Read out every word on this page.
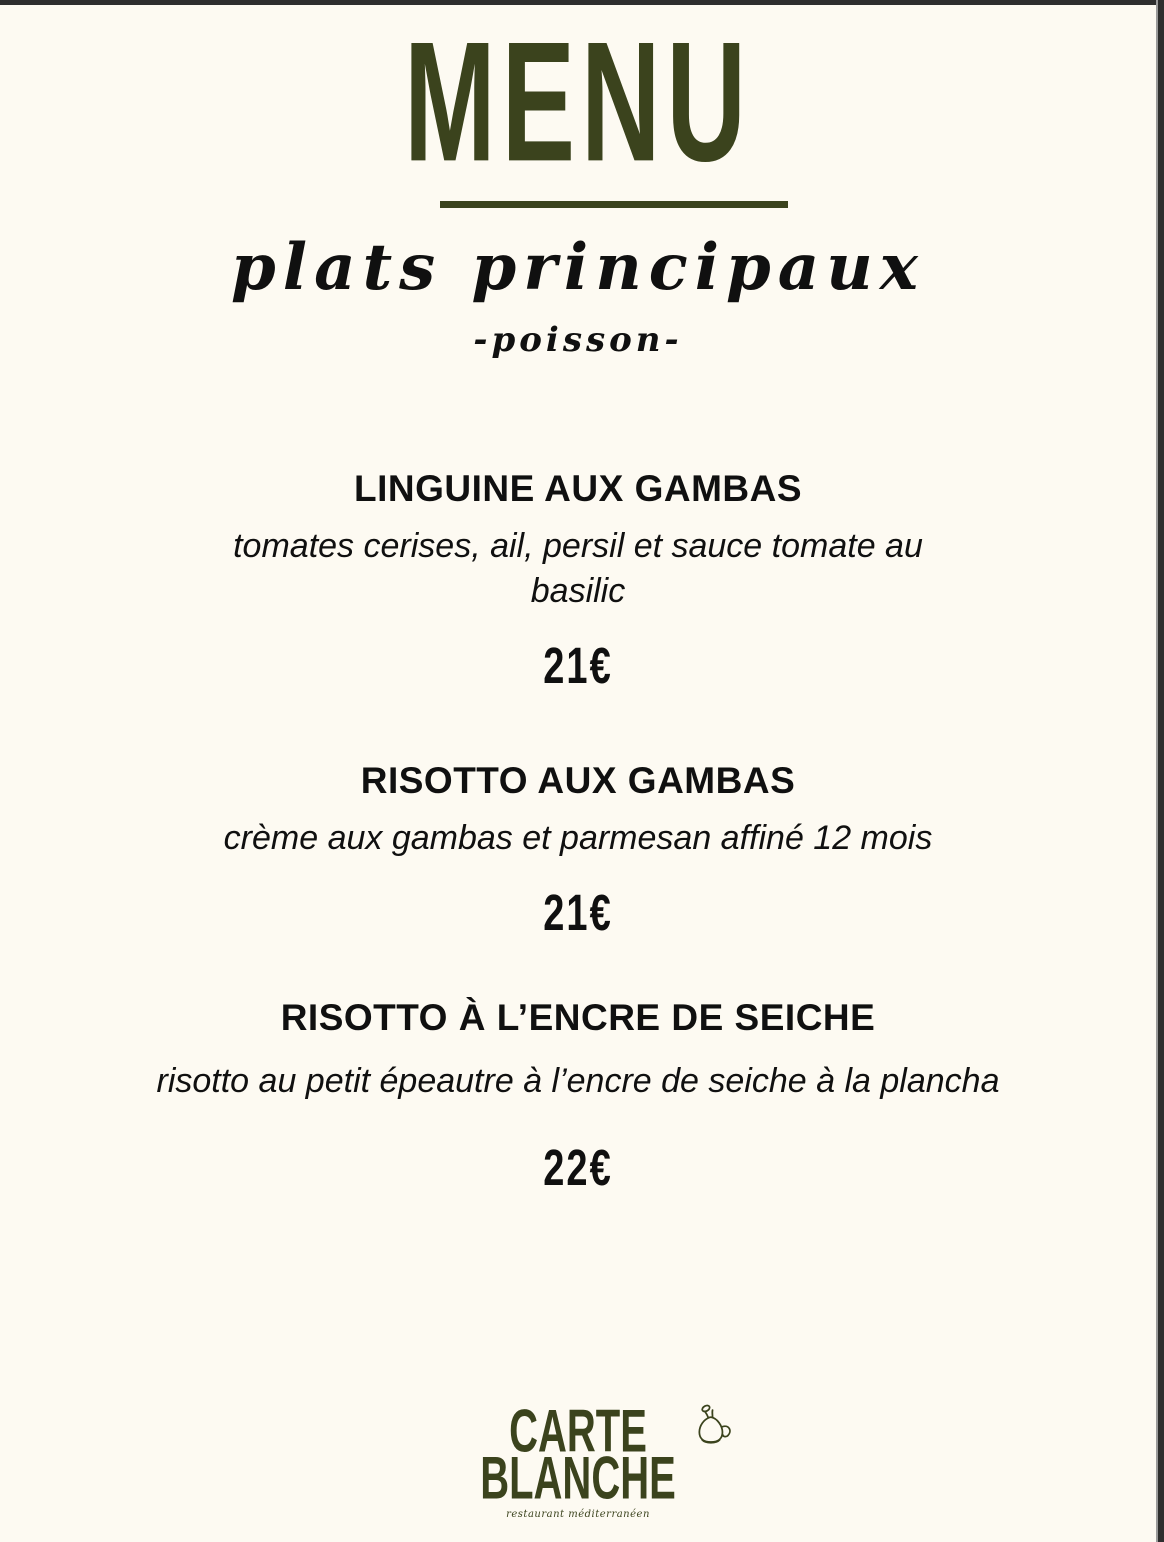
MENU
plats principaux
-poisson-
LINGUINE AUX GAMBAS
tomates cerises, ail, persil et sauce tomate au basilic
21€
RISOTTO AUX GAMBAS
crème aux gambas et parmesan affiné 12 mois
21€
RISOTTO À L’ENCRE DE SEICHE
risotto au petit épeautre à l’encre de seiche à la plancha
22€
CARTE
BLANCHE
restaurant méditerranéen
